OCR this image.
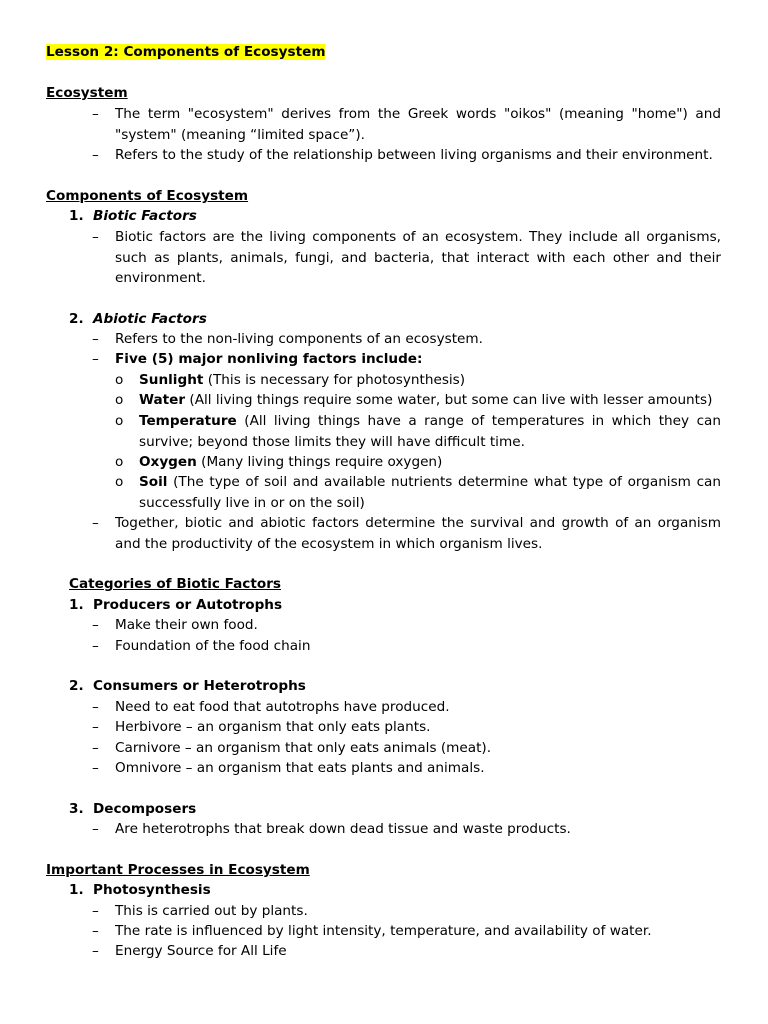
Lesson 2: Components of Ecosystem
Ecosystem
–	The term "ecosystem" derives from the Greek words "oikos" (meaning "home") and "system" (meaning “limited space”).
–	Refers to the study of the relationship between living organisms and their environment.
Components of Ecosystem
1. Biotic Factors
–	Biotic factors are the living components of an ecosystem. They include all organisms, such as plants, animals, fungi, and bacteria, that interact with each other and their environment.
2. Abiotic Factors
–	Refers to the non-living components of an ecosystem.
–	Five (5) major nonliving factors include:
o	Sunlight (This is necessary for photosynthesis)
o	Water (All living things require some water, but some can live with lesser amounts)
o	Temperature (All living things have a range of temperatures in which they can survive; beyond those limits they will have difficult time.
o	Oxygen (Many living things require oxygen)
o	Soil (The type of soil and available nutrients determine what type of organism can successfully live in or on the soil)
–	Together, biotic and abiotic factors determine the survival and growth of an organism and the productivity of the ecosystem in which organism lives.
Categories of Biotic Factors
1. Producers or Autotrophs
–	Make their own food.
–	Foundation of the food chain
2. Consumers or Heterotrophs
–	Need to eat food that autotrophs have produced.
–	Herbivore – an organism that only eats plants.
–	Carnivore – an organism that only eats animals (meat).
–	Omnivore – an organism that eats plants and animals.
3. Decomposers
–	Are heterotrophs that break down dead tissue and waste products.
Important Processes in Ecosystem
1. Photosynthesis
–	This is carried out by plants.
–	The rate is influenced by light intensity, temperature, and availability of water.
–	Energy Source for All Life
